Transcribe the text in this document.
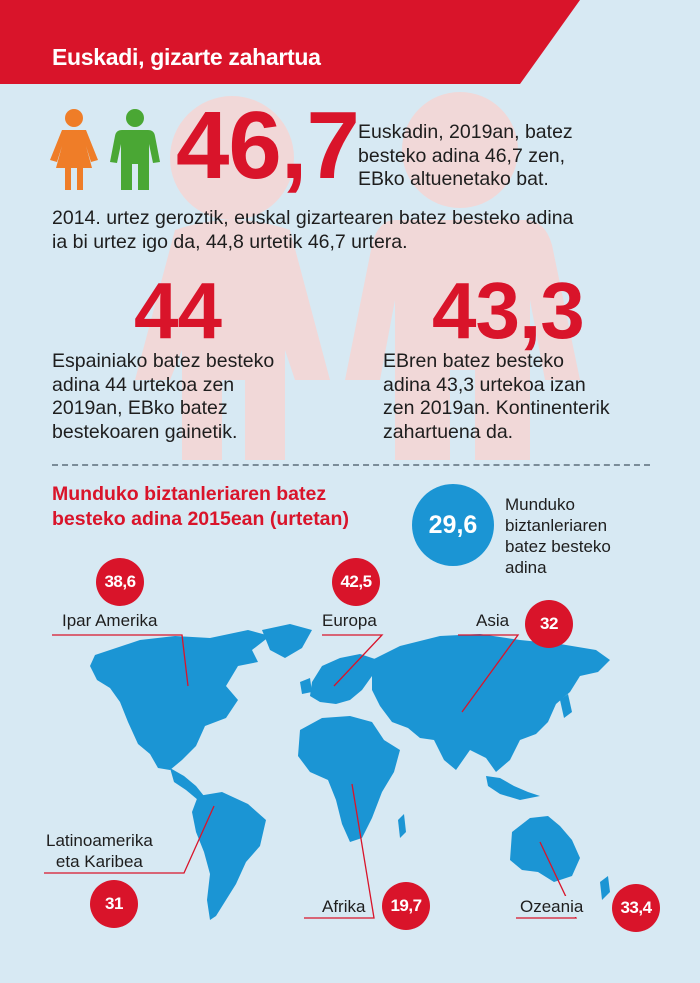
Euskadi, gizarte zahartua
46,7 Euskadin, 2019an, batez
besteko adina 46,7 zen,
EBko altuenetako bat.
2014. urtez geroztik, euskal gizartearen batez besteko adina
ia bi urtez igo da, 44,8 urtetik 46,7 urtera.
44
Espainiako batez besteko
adina 44 urtekoa zen
2019an, EBko batez
bestekoaren gainetik.
43,3
EBren batez besteko
adina 43,3 urtekoa izan
zen 2019an. Kontinenterik
zahartuena da.
Munduko biztanleriaren batez
besteko adina 2015ean (urtetan)	29,6
Munduko
biztanleriaren
batez besteko
adina
38,6
Ipar Amerika
42,5
Europa	Asia	32
Latinoamerika
eta Karibea
31	Afrika	19,7	Ozeania	33,4
